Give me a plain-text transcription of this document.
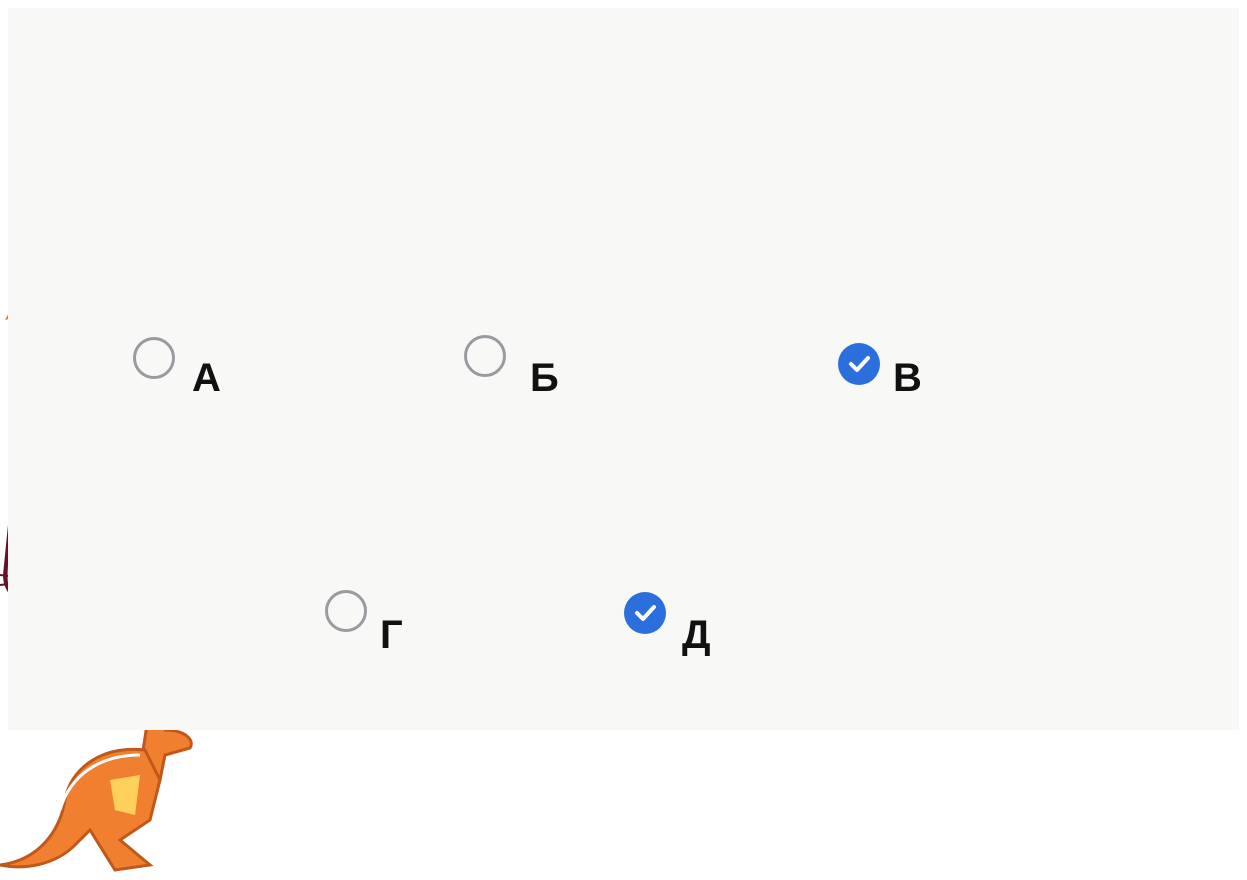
А	Б	В
Г	Д
